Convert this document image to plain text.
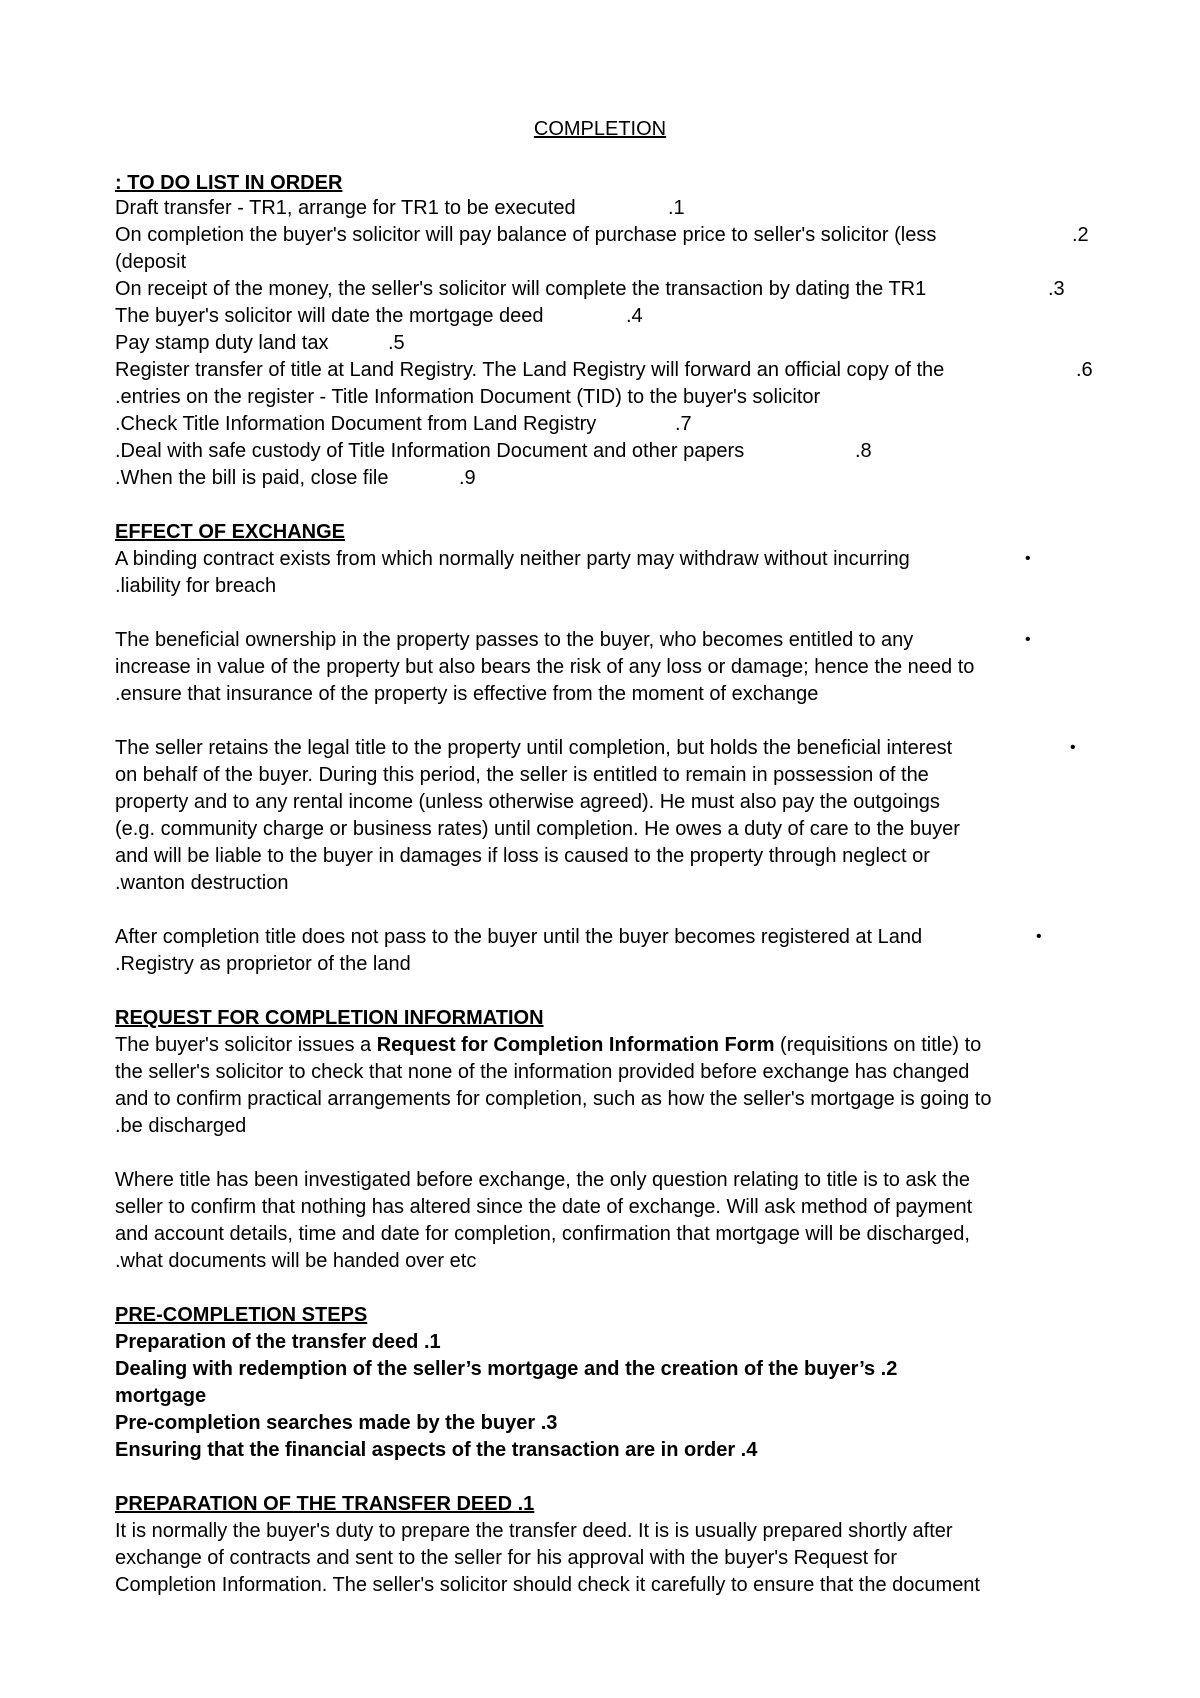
COMPLETION
: TO DO LIST IN ORDER
Draft transfer - TR1, arrange for TR1 to be executed	.1
On completion the buyer's solicitor will pay balance of purchase price to seller's solicitor (less	.2
(deposit
On receipt of the money, the seller's solicitor will complete the transaction by dating the TR1	.3
The buyer's solicitor will date the mortgage deed	.4
Pay stamp duty land tax	.5
Register transfer of title at Land Registry. The Land Registry will forward an official copy of the	.6
.entries on the register - Title Information Document (TID) to the buyer's solicitor
.Check Title Information Document from Land Registry	.7
.Deal with safe custody of Title Information Document and other papers	.8
.When the bill is paid, close file	.9
EFFECT OF EXCHANGE
•
A binding contract exists from which normally neither party may withdraw without incurring
.liability for breach
•
The beneficial ownership in the property passes to the buyer, who becomes entitled to any
increase in value of the property but also bears the risk of any loss or damage; hence the need to
.ensure that insurance of the property is effective from the moment of exchange
•
The seller retains the legal title to the property until completion, but holds the beneficial interest
on behalf of the buyer. During this period, the seller is entitled to remain in possession of the
property and to any rental income (unless otherwise agreed). He must also pay the outgoings
(e.g. community charge or business rates) until completion. He owes a duty of care to the buyer
and will be liable to the buyer in damages if loss is caused to the property through neglect or
.wanton destruction
•
After completion title does not pass to the buyer until the buyer becomes registered at Land
.Registry as proprietor of the land
REQUEST FOR COMPLETION INFORMATION
The buyer's solicitor issues a Request for Completion Information Form (requisitions on title) to
the seller's solicitor to check that none of the information provided before exchange has changed
and to confirm practical arrangements for completion, such as how the seller's mortgage is going to
.be discharged
Where title has been investigated before exchange, the only question relating to title is to ask the
seller to confirm that nothing has altered since the date of exchange. Will ask method of payment
and account details, time and date for completion, confirmation that mortgage will be discharged,
.what documents will be handed over etc
PRE-COMPLETION STEPS
Preparation of the transfer deed .1
Dealing with redemption of the seller’s mortgage and the creation of the buyer’s .2
mortgage
Pre-completion searches made by the buyer .3
Ensuring that the financial aspects of the transaction are in order .4
PREPARATION OF THE TRANSFER DEED .1
It is normally the buyer's duty to prepare the transfer deed. It is is usually prepared shortly after
exchange of contracts and sent to the seller for his approval with the buyer's Request for
Completion Information. The seller's solicitor should check it carefully to ensure that the document
